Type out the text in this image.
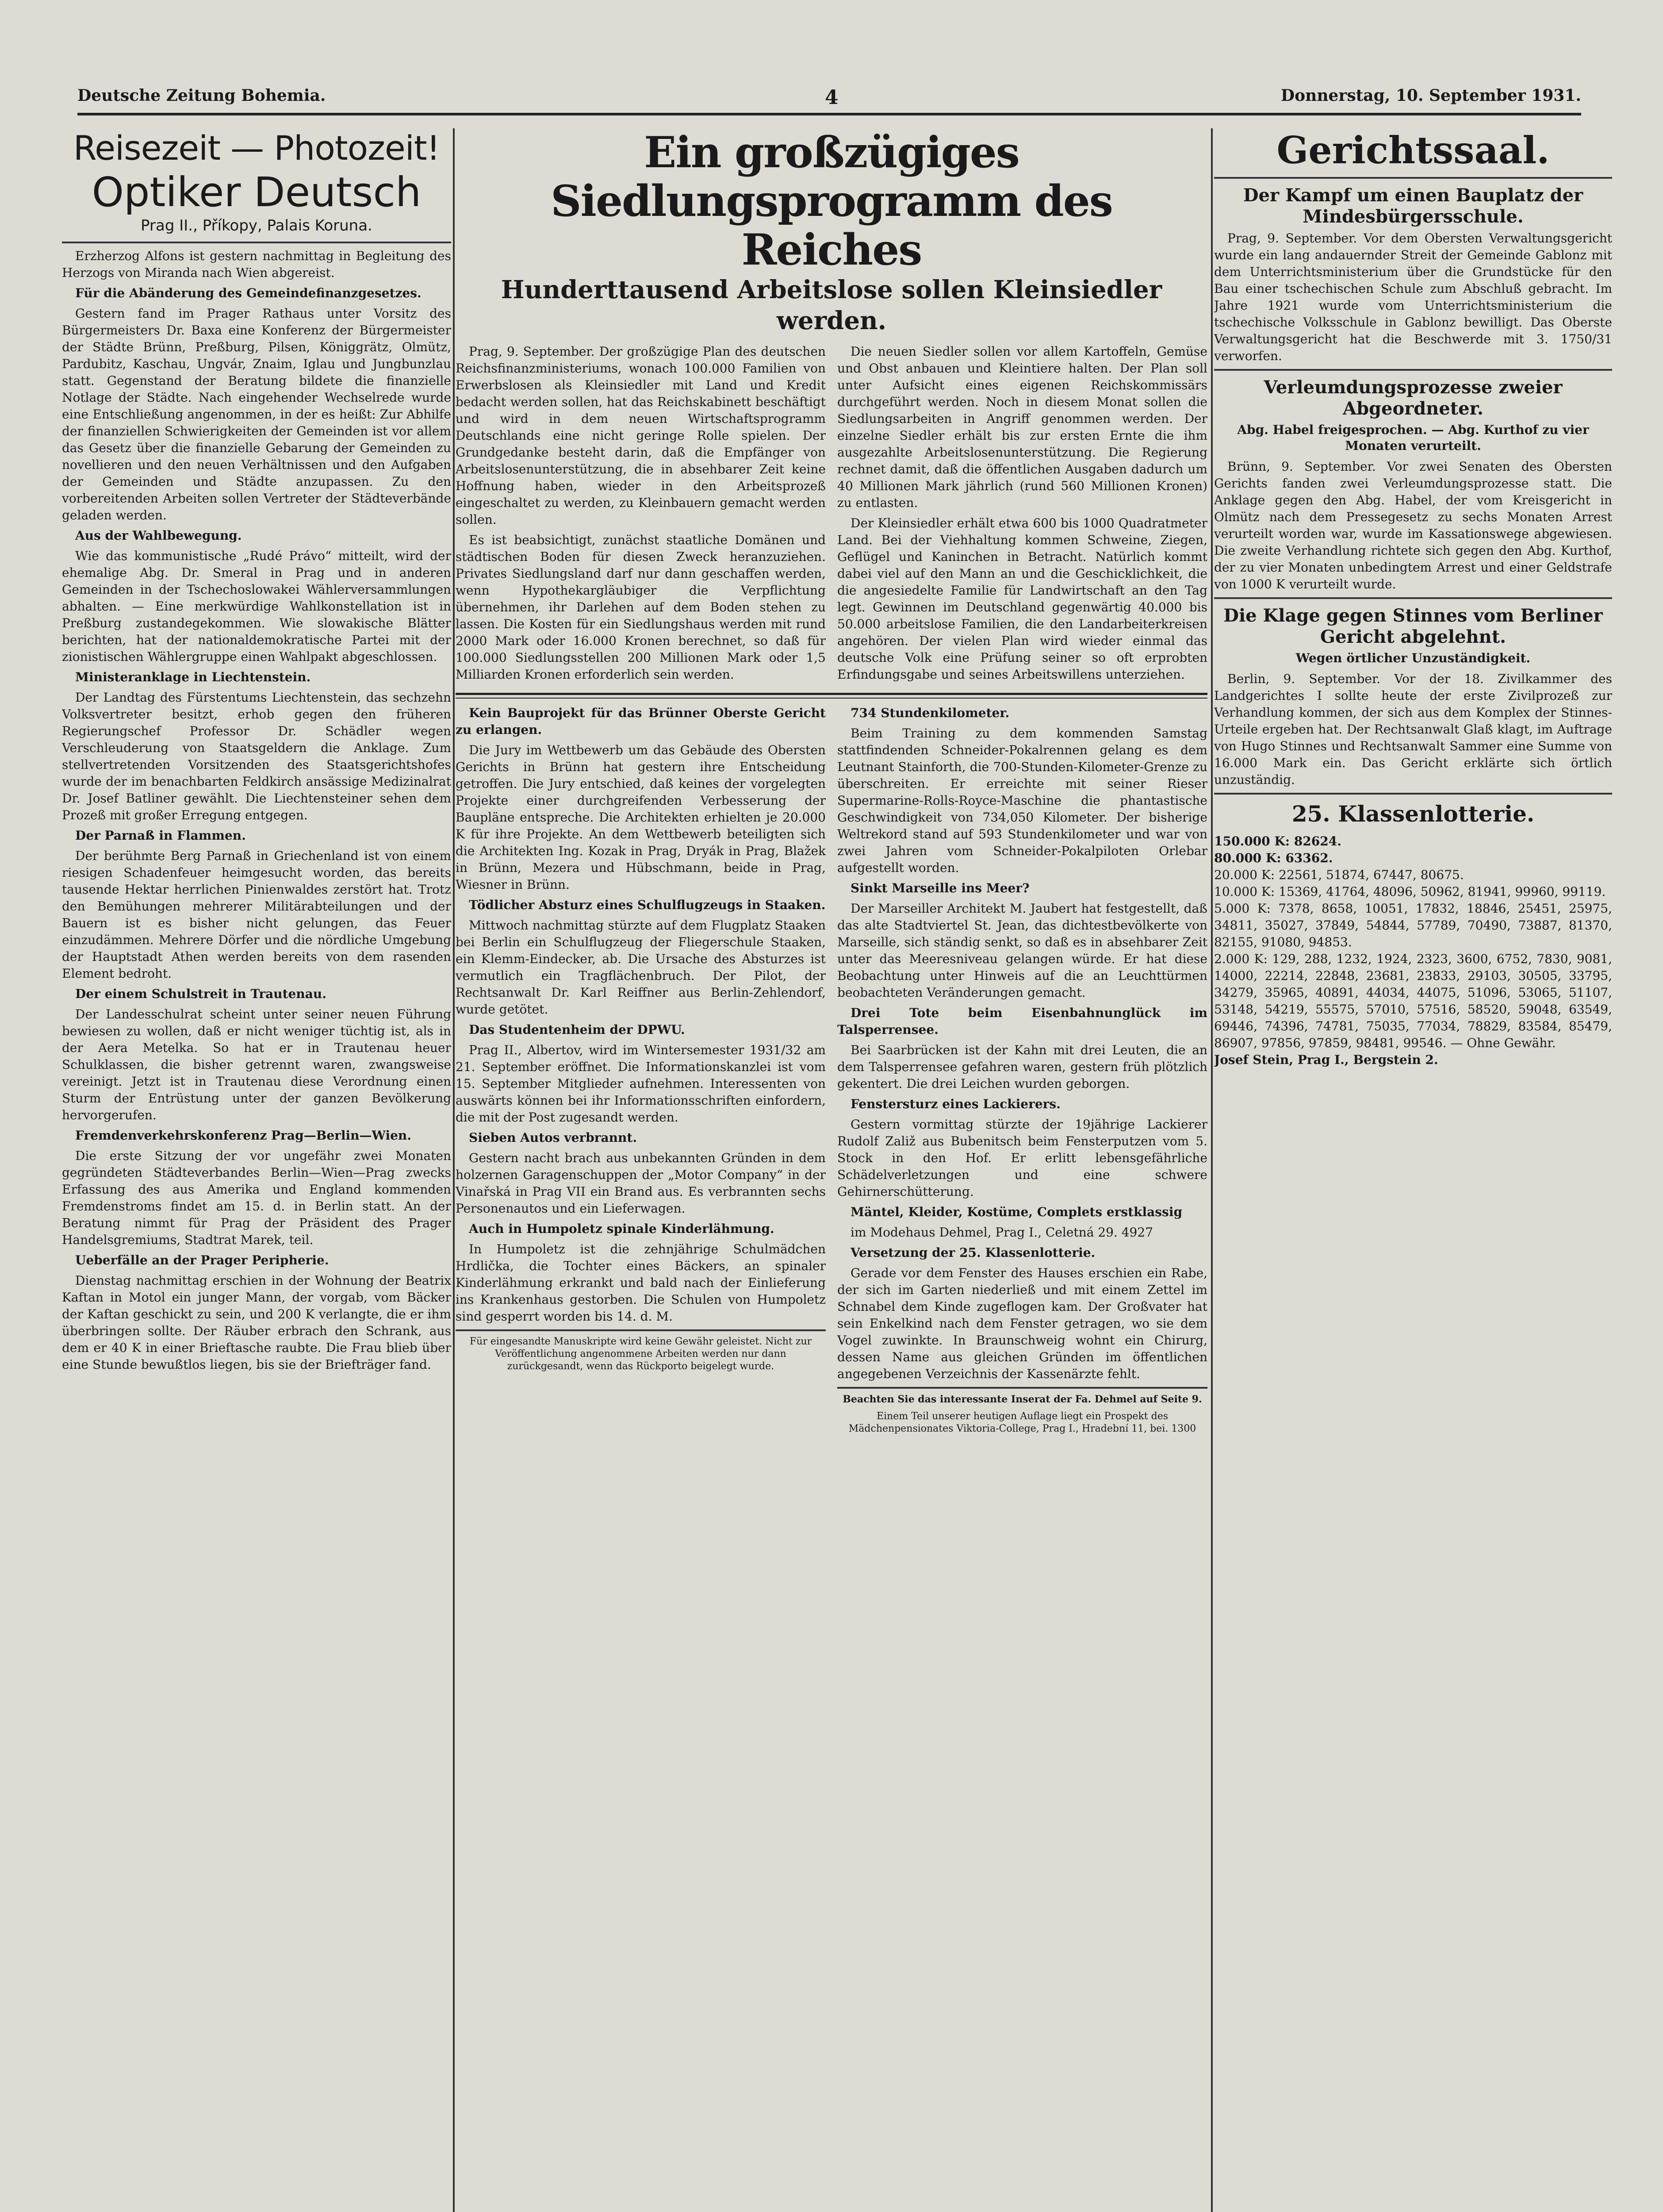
Deutsche Zeitung Bohemia.	4	Donnerstag, 10. September 1931.
Reisezeit — Photozeit!
Optiker Deutsch
Prag II., Příkopy, Palais Koruna.

Erzherzog Alfons ist gestern nachmittag in Begleitung des Herzogs von Miranda nach Wien abgereist.

Für die Abänderung des Gemeindefinanzgesetzes.

Gestern fand im Prager Rathaus unter Vorsitz des Bürgermeisters Dr. Baxa eine Konferenz der Bürgermeister der Städte Brünn, Preßburg, Pilsen, Königgrätz, Olmütz, Pardubitz, Kaschau, Ungvár, Znaim, Iglau und Jungbunzlau statt. Gegenstand der Beratung bildete die finanzielle Notlage der Städte. Nach eingehender Wechselrede wurde eine Entschließung angenommen, in der es heißt: Zur Abhilfe der finanziellen Schwierigkeiten der Gemeinden ist vor allem das Gesetz über die finanzielle Gebarung der Gemeinden zu novellieren und den neuen Verhältnissen und den Aufgaben der Gemeinden und Städte anzupassen. Zu den vorbereitenden Arbeiten sollen Vertreter der Städteverbände geladen werden.

Aus der Wahlbewegung.

Wie das kommunistische „Rudé Právo“ mitteilt, wird der ehemalige Abg. Dr. Smeral in Prag und in anderen Gemeinden in der Tschechoslowakei Wählerversammlungen abhalten. — Eine merkwürdige Wahlkonstellation ist in Preßburg zustandegekommen. Wie slowakische Blätter berichten, hat der nationaldemokratische Partei mit der zionistischen Wählergruppe einen Wahlpakt abgeschlossen.

Ministeranklage in Liechtenstein.

Der Landtag des Fürstentums Liechtenstein, das sechzehn Volksvertreter besitzt, erhob gegen den früheren Regierungschef Professor Dr. Schädler wegen Verschleuderung von Staatsgeldern die Anklage. Zum stellvertretenden Vorsitzenden des Staatsgerichtshofes wurde der im benachbarten Feldkirch ansässige Medizinalrat Dr. Josef Batliner gewählt. Die Liechtensteiner sehen dem Prozeß mit großer Erregung entgegen.

Der Parnaß in Flammen.

Der berühmte Berg Parnaß in Griechenland ist von einem riesigen Schadenfeuer heimgesucht worden, das bereits tausende Hektar herrlichen Pinienwaldes zerstört hat. Trotz den Bemühungen mehrerer Militärabteilungen und der Bauern ist es bisher nicht gelungen, das Feuer einzudämmen. Mehrere Dörfer und die nördliche Umgebung der Hauptstadt Athen werden bereits von dem rasenden Element bedroht.

Der einem Schulstreit in Trautenau.

Der Landesschulrat scheint unter seiner neuen Führung bewiesen zu wollen, daß er nicht weniger tüchtig ist, als in der Aera Metelka. So hat er in Trautenau heuer Schulklassen, die bisher getrennt waren, zwangsweise vereinigt. Jetzt ist in Trautenau diese Verordnung einen Sturm der Entrüstung unter der ganzen Bevölkerung hervorgerufen.

Fremdenverkehrskonferenz Prag—Berlin—Wien.

Die erste Sitzung der vor ungefähr zwei Monaten gegründeten Städteverbandes Berlin—Wien—Prag zwecks Erfassung des aus Amerika und England kommenden Fremdenstroms findet am 15. d. in Berlin statt. An der Beratung nimmt für Prag der Präsident des Prager Handelsgremiums, Stadtrat Marek, teil.

Ueberfälle an der Prager Peripherie.

Dienstag nachmittag erschien in der Wohnung der Beatrix Kaftan in Motol ein junger Mann, der vorgab, vom Bäcker der Kaftan geschickt zu sein, und 200 K verlangte, die er ihm überbringen sollte. Der Räuber erbrach den Schrank, aus dem er 40 K in einer Brieftasche raubte. Die Frau blieb über eine Stunde bewußtlos liegen, bis sie der Briefträger fand.

Ein großzügiges Siedlungsprogramm des Reiches
Hunderttausend Arbeitslose sollen Kleinsiedler werden.

Prag, 9. September. Der großzügige Plan des deutschen Reichsfinanzministeriums, wonach 100.000 Familien von Erwerbslosen als Kleinsiedler mit Land und Kredit bedacht werden sollen, hat das Reichskabinett beschäftigt und wird in dem neuen Wirtschaftsprogramm Deutschlands eine nicht geringe Rolle spielen. Der Grundgedanke besteht darin, daß die Empfänger von Arbeitslosenunterstützung, die in absehbarer Zeit keine Hoffnung haben, wieder in den Arbeitsprozeß eingeschaltet zu werden, zu Kleinbauern gemacht werden sollen.

Es ist beabsichtigt, zunächst staatliche Domänen und städtischen Boden für diesen Zweck heranzuziehen. Privates Siedlungsland darf nur dann geschaffen werden, wenn Hypothekargläubiger die Verpflichtung übernehmen, ihr Darlehen auf dem Boden stehen zu lassen. Die Kosten für ein Siedlungshaus werden mit rund 2000 Mark oder 16.000 Kronen berechnet, so daß für 100.000 Siedlungsstellen 200 Millionen Mark oder 1,5 Milliarden Kronen erforderlich sein werden.

Die neuen Siedler sollen vor allem Kartoffeln, Gemüse und Obst anbauen und Kleintiere halten. Der Plan soll unter Aufsicht eines eigenen Reichskommissärs durchgeführt werden. Noch in diesem Monat sollen die Siedlungsarbeiten in Angriff genommen werden. Der einzelne Siedler erhält bis zur ersten Ernte die ihm ausgezahlte Arbeitslosenunterstützung. Die Regierung rechnet damit, daß die öffentlichen Ausgaben dadurch um 40 Millionen Mark jährlich (rund 560 Millionen Kronen) zu entlasten.

Der Kleinsiedler erhält etwa 600 bis 1000 Quadratmeter Land. Bei der Viehhaltung kommen Schweine, Ziegen, Geflügel und Kaninchen in Betracht. Natürlich kommt dabei viel auf den Mann an und die Geschicklichkeit, die die angesiedelte Familie für Landwirtschaft an den Tag legt. Gewinnen im Deutschland gegenwärtig 40.000 bis 50.000 arbeitslose Familien, die den Landarbeiterkreisen angehören. Der vielen Plan wird wieder einmal das deutsche Volk eine Prüfung seiner so oft erprobten Erfindungsgabe und seines Arbeitswillens unterziehen.

Kein Bauprojekt für das Brünner Oberste Gericht zu erlangen.

Die Jury im Wettbewerb um das Gebäude des Obersten Gerichts in Brünn hat gestern ihre Entscheidung getroffen. Die Jury entschied, daß keines der vorgelegten Projekte einer durchgreifenden Verbesserung der Baupläne entspreche. Die Architekten erhielten je 20.000 K für ihre Projekte. An dem Wettbewerb beteiligten sich die Architekten Ing. Kozak in Prag, Dryák in Prag, Blažek in Brünn, Mezera und Hübschmann, beide in Prag, Wiesner in Brünn.

Tödlicher Absturz eines Schulflugzeugs in Staaken.

Mittwoch nachmittag stürzte auf dem Flugplatz Staaken bei Berlin ein Schulflugzeug der Fliegerschule Staaken, ein Klemm-Eindecker, ab. Die Ursache des Absturzes ist vermutlich ein Tragflächenbruch. Der Pilot, der Rechtsanwalt Dr. Karl Reiffner aus Berlin-Zehlendorf, wurde getötet.

Das Studentenheim der DPWU.

Prag II., Albertov, wird im Wintersemester 1931/32 am 21. September eröffnet. Die Informationskanzlei ist vom 15. September Mitglieder aufnehmen. Interessenten von auswärts können bei ihr Informationsschriften einfordern, die mit der Post zugesandt werden.

Sieben Autos verbrannt.

Gestern nacht brach aus unbekannten Gründen in dem holzernen Garagenschuppen der „Motor Company“ in der Vinařská in Prag VII ein Brand aus. Es verbrannten sechs Personenautos und ein Lieferwagen.

Auch in Humpoletz spinale Kinderlähmung.

In Humpoletz ist die zehnjährige Schulmädchen Hrdlička, die Tochter eines Bäckers, an spinaler Kinderlähmung erkrankt und bald nach der Einlieferung ins Krankenhaus gestorben. Die Schulen von Humpoletz sind gesperrt worden bis 14. d. M.

Für eingesandte Manuskripte wird keine Gewähr geleistet. Nicht zur Veröffentlichung angenommene Arbeiten werden nur dann zurückgesandt, wenn das Rückporto beigelegt wurde.

734 Stundenkilometer.

Beim Training zu dem kommenden Samstag stattfindenden Schneider-Pokalrennen gelang es dem Leutnant Stainforth, die 700-Stunden-Kilometer-Grenze zu überschreiten. Er erreichte mit seiner Rieser Supermarine-Rolls-Royce-Maschine die phantastische Geschwindigkeit von 734,050 Kilometer. Der bisherige Weltrekord stand auf 593 Stundenkilometer und war von zwei Jahren vom Schneider-Pokalpiloten Orlebar aufgestellt worden.

Sinkt Marseille ins Meer?

Der Marseiller Architekt M. Jaubert hat festgestellt, daß das alte Stadtviertel St. Jean, das dichtestbevölkerte von Marseille, sich ständig senkt, so daß es in absehbarer Zeit unter das Meeresniveau gelangen würde. Er hat diese Beobachtung unter Hinweis auf die an Leuchttürmen beobachteten Veränderungen gemacht.

Drei Tote beim Eisenbahnunglück im Talsperrensee.

Bei Saarbrücken ist der Kahn mit drei Leuten, die an dem Talsperrensee gefahren waren, gestern früh plötzlich gekentert. Die drei Leichen wurden geborgen.

Fenstersturz eines Lackierers.

Gestern vormittag stürzte der 19jährige Lackierer Rudolf Zaliž aus Bubenitsch beim Fensterputzen vom 5. Stock in den Hof. Er erlitt lebensgefährliche Schädelverletzungen und eine schwere Gehirnerschütterung.

Mäntel, Kleider, Kostüme, Complets erstklassig

im Modehaus Dehmel, Prag I., Celetná 29. 4927

Versetzung der 25. Klassenlotterie.

Gerade vor dem Fenster des Hauses erschien ein Rabe, der sich im Garten niederließ und mit einem Zettel im Schnabel dem Kinde zugeflogen kam. Der Großvater hat sein Enkelkind nach dem Fenster getragen, wo sie dem Vogel zuwinkte. In Braunschweig wohnt ein Chirurg, dessen Name aus gleichen Gründen im öffentlichen angegebenen Verzeichnis der Kassenärzte fehlt.

Beachten Sie das interessante Inserat der Fa. Dehmel auf Seite 9.

Einem Teil unserer heutigen Auflage liegt ein Prospekt des Mädchenpensionates Viktoria-College, Prag I., Hradební 11, bei. 1300

Gerichtssaal.
Der Kampf um einen Bauplatz der Mindesbürgersschule.

Prag, 9. September. Vor dem Obersten Verwaltungsgericht wurde ein lang andauernder Streit der Gemeinde Gablonz mit dem Unterrichtsministerium über die Grundstücke für den Bau einer tschechischen Schule zum Abschluß gebracht. Im Jahre 1921 wurde vom Unterrichtsministerium die tschechische Volksschule in Gablonz bewilligt. Das Oberste Verwaltungsgericht hat die Beschwerde mit 3. 1750/31 verworfen.

Verleumdungsprozesse zweier Abgeordneter.
Abg. Habel freigesprochen. — Abg. Kurthof zu vier Monaten verurteilt.

Brünn, 9. September. Vor zwei Senaten des Obersten Gerichts fanden zwei Verleumdungsprozesse statt. Die Anklage gegen den Abg. Habel, der vom Kreisgericht in Olmütz nach dem Pressegesetz zu sechs Monaten Arrest verurteilt worden war, wurde im Kassationswege abgewiesen. Die zweite Verhandlung richtete sich gegen den Abg. Kurthof, der zu vier Monaten unbedingtem Arrest und einer Geldstrafe von 1000 K verurteilt wurde.

Die Klage gegen Stinnes vom Berliner Gericht abgelehnt.
Wegen örtlicher Unzuständigkeit.

Berlin, 9. September. Vor der 18. Zivilkammer des Landgerichtes I sollte heute der erste Zivilprozeß zur Verhandlung kommen, der sich aus dem Komplex der Stinnes-Urteile ergeben hat. Der Rechtsanwalt Glaß klagt, im Auftrage von Hugo Stinnes und Rechtsanwalt Sammer eine Summe von 16.000 Mark ein. Das Gericht erklärte sich örtlich unzuständig.

25. Klassenlotterie.
150.000 K: 82624.
80.000 K: 63362.
20.000 K: 22561, 51874, 67447, 80675.
10.000 K: 15369, 41764, 48096, 50962, 81941, 99960, 99119.
5.000 K: 7378, 8658, 10051, 17832, 18846, 25451, 25975, 34811, 35027, 37849, 54844, 57789, 70490, 73887, 81370, 82155, 91080, 94853.
2.000 K: 129, 288, 1232, 1924, 2323, 3600, 6752, 7830, 9081, 14000, 22214, 22848, 23681, 23833, 29103, 30505, 33795, 34279, 35965, 40891, 44034, 44075, 51096, 53065, 51107, 53148, 54219, 55575, 57010, 57516, 58520, 59048, 63549, 69446, 74396, 74781, 75035, 77034, 78829, 83584, 85479, 86907, 97856, 97859, 98481, 99546. — Ohne Gewähr.
Josef Stein, Prag I., Bergstein 2.
